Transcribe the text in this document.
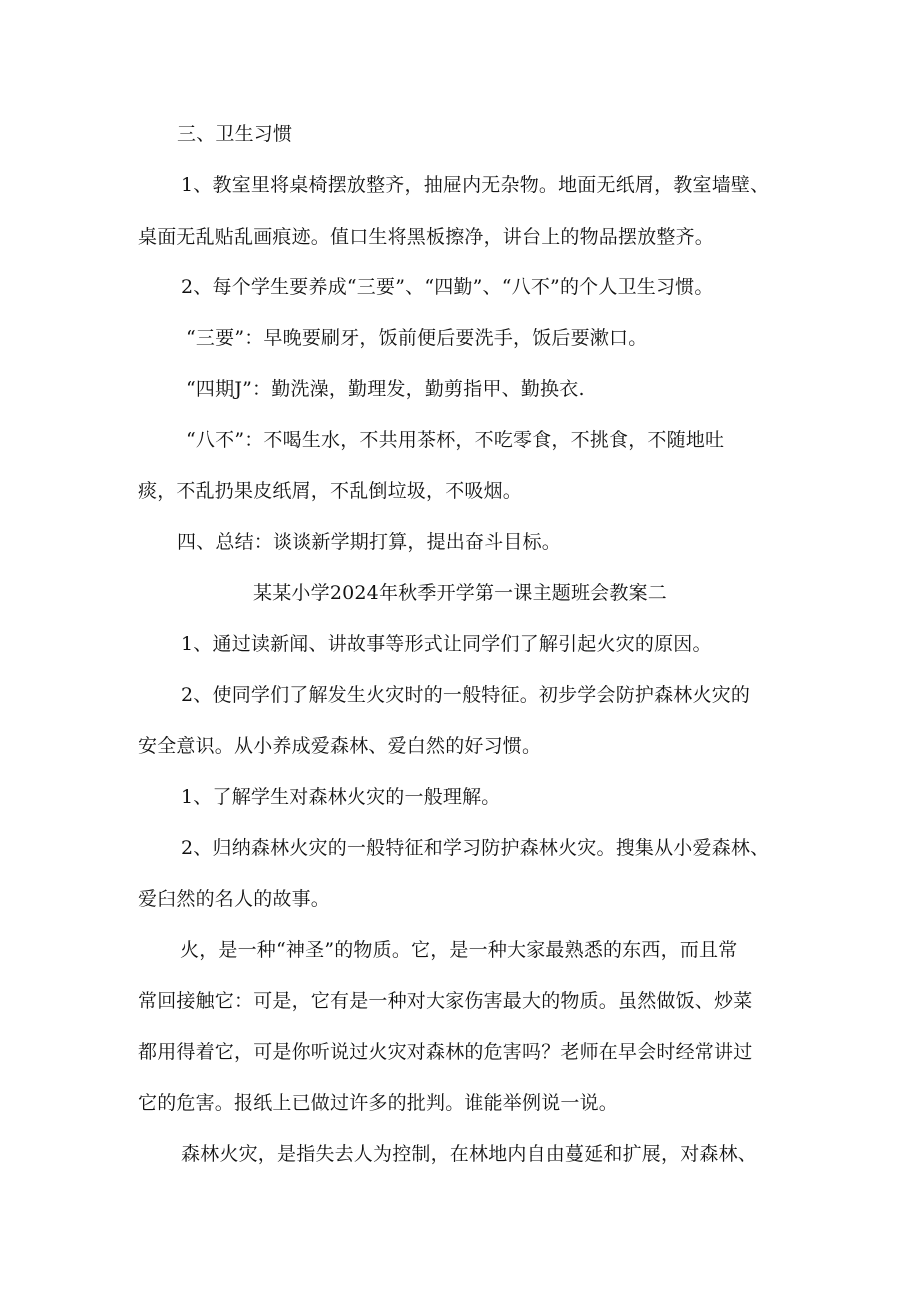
三、卫生习惯
1、教室里将桌椅摆放整齐，抽屉内无杂物。地面无纸屑，教室墙壁、
桌面无乱贴乱画痕迹。值口生将黑板擦净，讲台上的物品摆放整齐。
2、每个学生要养成“三要”、“四勤”、“八不”的个人卫生习惯。
“三要”：早晚要刷牙，饭前便后要洗手，饭后要漱口。
“四期J”：勤洗澡，勤理发，勤剪指甲、勤换衣.
“八不”：不喝生水，不共用茶杯，不吃零食，不挑食，不随地吐
痰，不乱扔果皮纸屑，不乱倒垃圾，不吸烟。
四、总结：谈谈新学期打算，提出奋斗目标。
某某小学2024年秋季开学第一课主题班会教案二
1、通过读新闻、讲故事等形式让同学们了解引起火灾的原因。
2、使同学们了解发生火灾时的一般特征。初步学会防护森林火灾的
安全意识。从小养成爱森林、爱白然的好习惯。
1、了解学生对森林火灾的一般理解。
2、归纳森林火灾的一般特征和学习防护森林火灾。搜集从小爱森林、
爱臼然的名人的故事。
火，是一种“神圣”的物质。它，是一种大家最熟悉的东西，而且常
常回接触它：可是，它有是一种对大家伤害最大的物质。虽然做饭、炒菜
都用得着它，可是你听说过火灾对森林的危害吗？老师在早会时经常讲过
它的危害。报纸上已做过许多的批判。谁能举例说一说。
森林火灾，是指失去人为控制，在林地内自由蔓延和扩展，对森林、
